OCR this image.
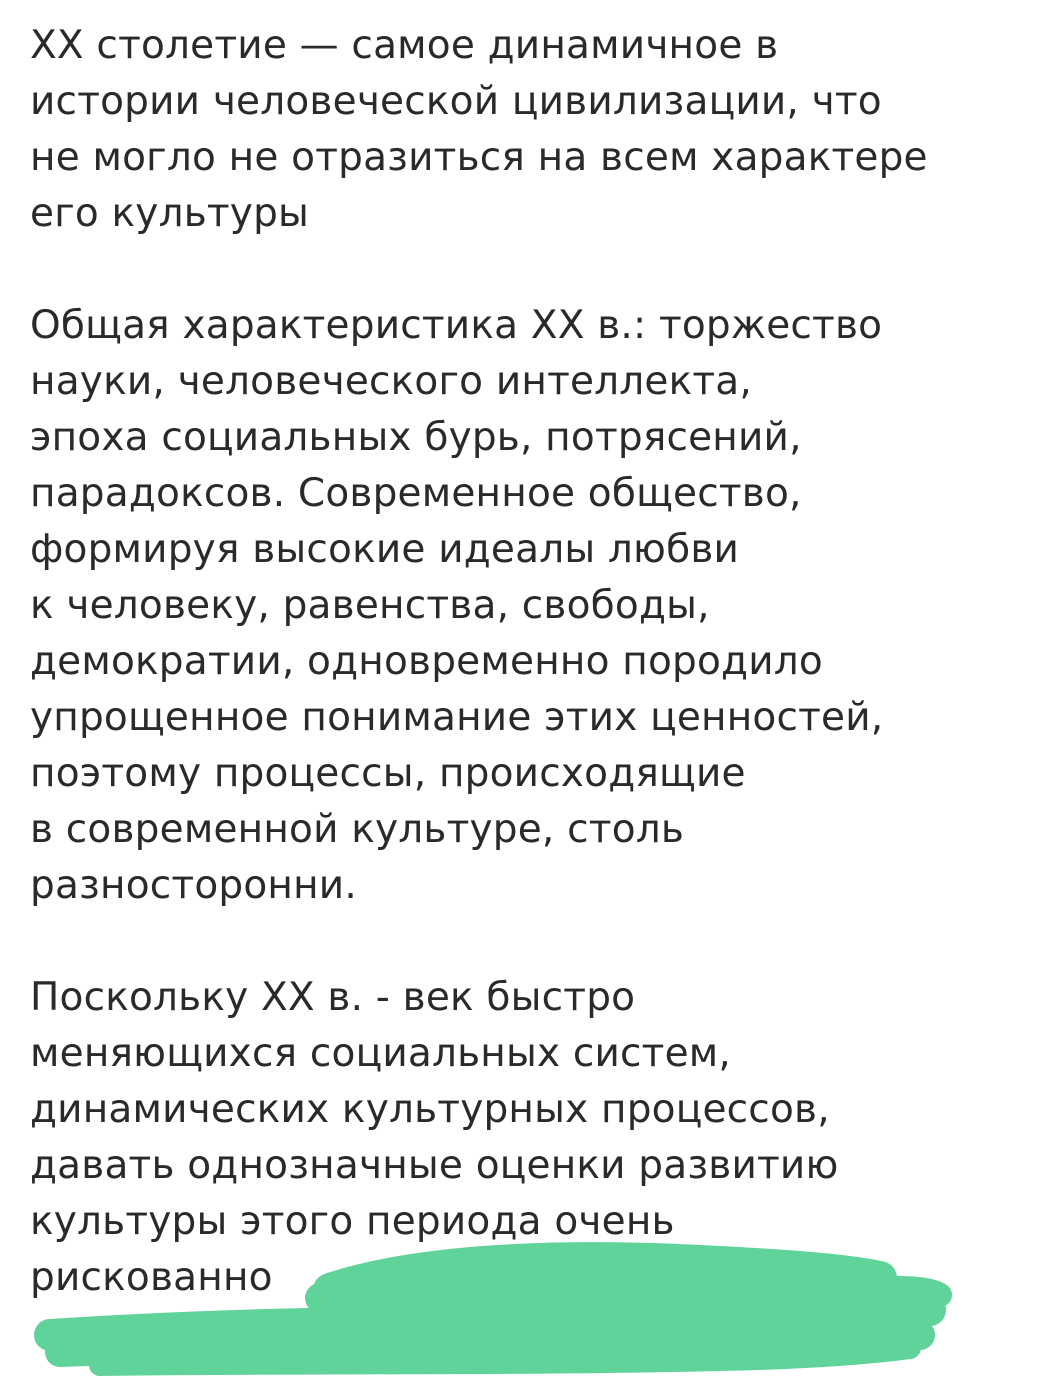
ХХ столетие — самое динамичное в
истории человеческой цивилизации, что
не могло не отразиться на всем характере
его культуры
Общая характеристика ХХ в.: торжество
науки, человеческого интеллекта,
эпоха социальных бурь, потрясений,
парадоксов. Современное общество,
формируя высокие идеалы любви
к человеку, равенства, свободы,
демократии, одновременно породило
упрощенное понимание этих ценностей,
поэтому процессы, происходящие
в современной культуре, столь
разносторонни.
Поскольку ХХ в. - век быстро
меняющихся социальных систем,
динамических культурных процессов,
давать однозначные оценки развитию
культуры этого периода очень
рискованно
